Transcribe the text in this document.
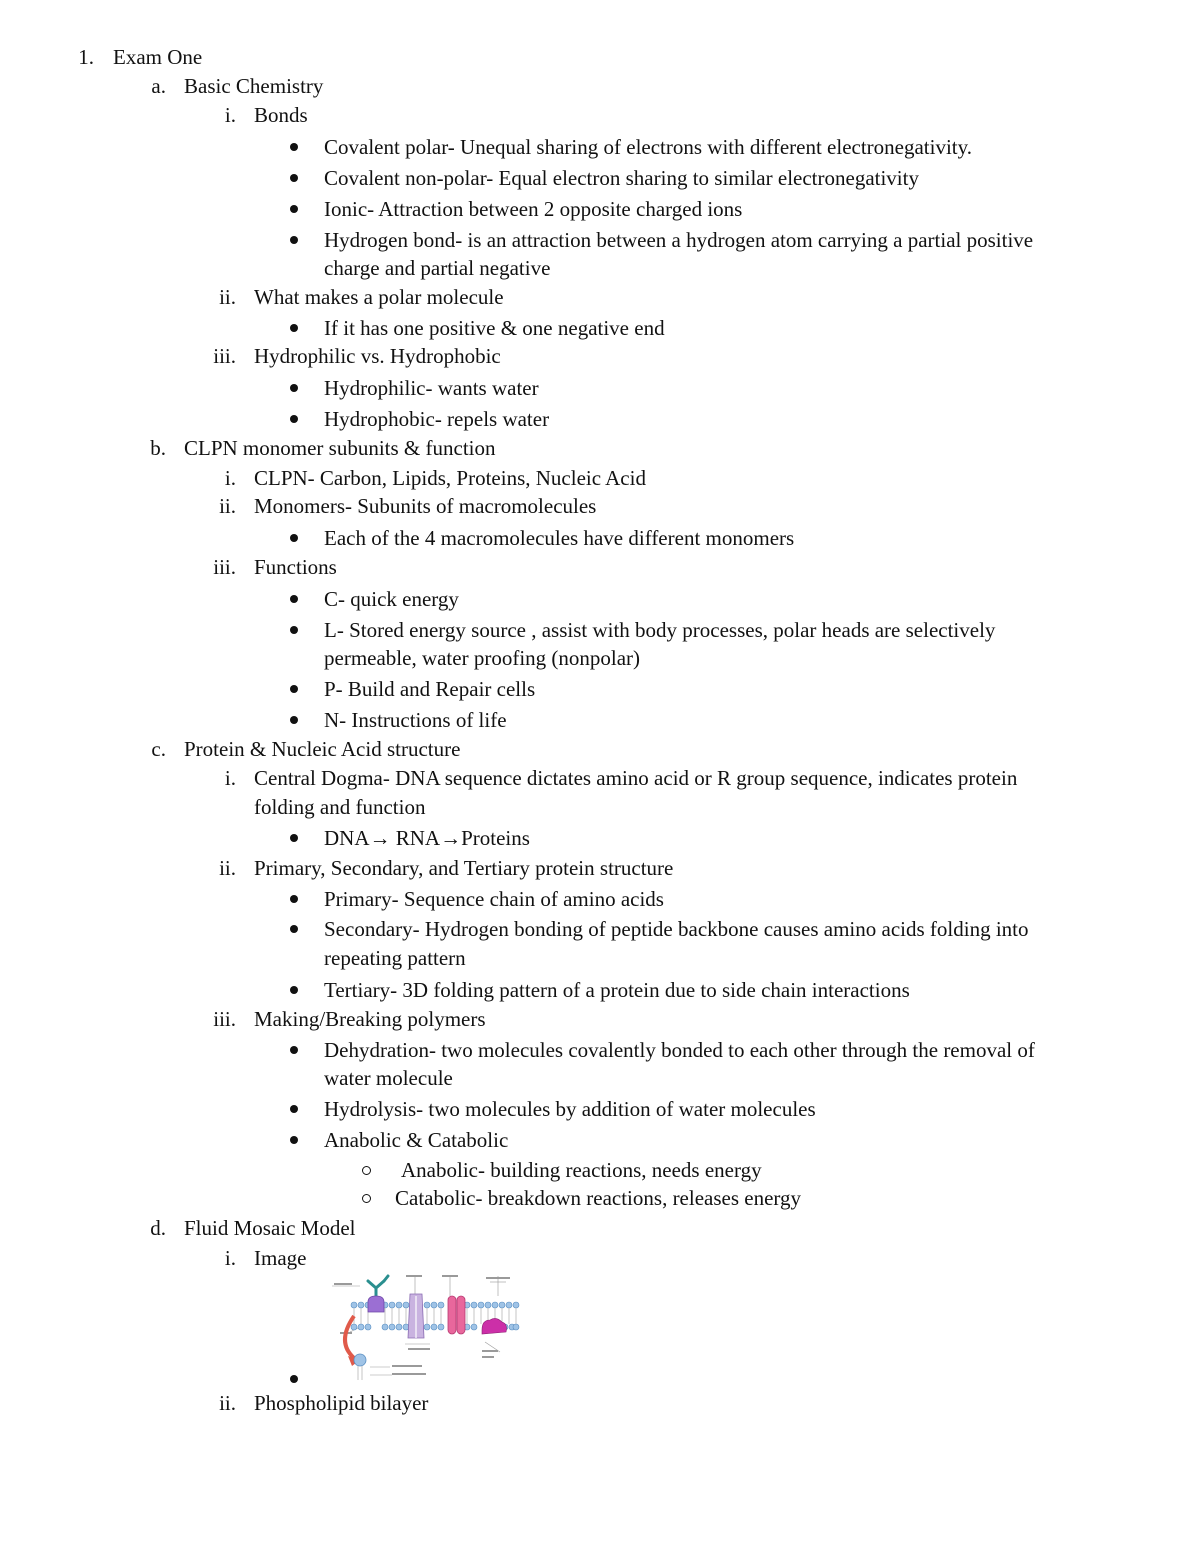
1. Exam One
a. Basic Chemistry
i. Bonds
Covalent polar- Unequal sharing of electrons with different electronegativity.
Covalent non-polar- Equal electron sharing to similar electronegativity
Ionic- Attraction between 2 opposite charged ions
Hydrogen bond- is an attraction between a hydrogen atom carrying a partial positive
charge and partial negative
ii. What makes a polar molecule
If it has one positive & one negative end
iii. Hydrophilic vs. Hydrophobic
Hydrophilic- wants water
Hydrophobic- repels water
b. CLPN monomer subunits & function
i. CLPN- Carbon, Lipids, Proteins, Nucleic Acid
ii. Monomers- Subunits of macromolecules
Each of the 4 macromolecules have different monomers
iii. Functions
C- quick energy
L- Stored energy source , assist with body processes, polar heads are selectively
permeable, water proofing (nonpolar)
P- Build and Repair cells
N- Instructions of life
c. Protein & Nucleic Acid structure
i. Central Dogma- DNA sequence dictates amino acid or R group sequence, indicates protein
folding and function
DNA→ RNA→Proteins
ii. Primary, Secondary, and Tertiary protein structure
Primary- Sequence chain of amino acids
Secondary- Hydrogen bonding of peptide backbone causes amino acids folding into
repeating pattern
Tertiary- 3D folding pattern of a protein due to side chain interactions
iii. Making/Breaking polymers
Dehydration- two molecules covalently bonded to each other through the removal of
water molecule
Hydrolysis- two molecules by addition of water molecules
Anabolic & Catabolic
Anabolic- building reactions, needs energy
Catabolic- breakdown reactions, releases energy
d. Fluid Mosaic Model
i. Image
ii. Phospholipid bilayer
